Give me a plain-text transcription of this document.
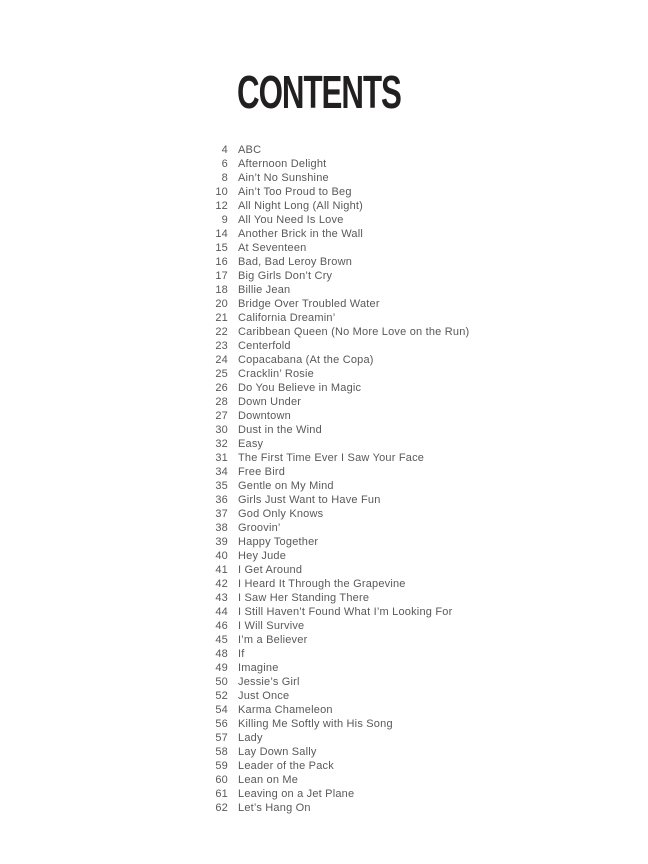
CONTENTS
4 ABC
6 Afternoon Delight
8 Ain’t No Sunshine
10 Ain’t Too Proud to Beg
12 All Night Long (All Night)
9 All You Need Is Love
14 Another Brick in the Wall
15 At Seventeen
16 Bad, Bad Leroy Brown
17 Big Girls Don’t Cry
18 Billie Jean
20 Bridge Over Troubled Water
21 California Dreamin’
22 Caribbean Queen (No More Love on the Run)
23 Centerfold
24 Copacabana (At the Copa)
25 Cracklin’ Rosie
26 Do You Believe in Magic
28 Down Under
27 Downtown
30 Dust in the Wind
32 Easy
31 The First Time Ever I Saw Your Face
34 Free Bird
35 Gentle on My Mind
36 Girls Just Want to Have Fun
37 God Only Knows
38 Groovin’
39 Happy Together
40 Hey Jude
41 I Get Around
42 I Heard It Through the Grapevine
43 I Saw Her Standing There
44 I Still Haven’t Found What I’m Looking For
46 I Will Survive
45 I’m a Believer
48 If
49 Imagine
50 Jessie’s Girl
52 Just Once
54 Karma Chameleon
56 Killing Me Softly with His Song
57 Lady
58 Lay Down Sally
59 Leader of the Pack
60 Lean on Me
61 Leaving on a Jet Plane
62 Let’s Hang On
